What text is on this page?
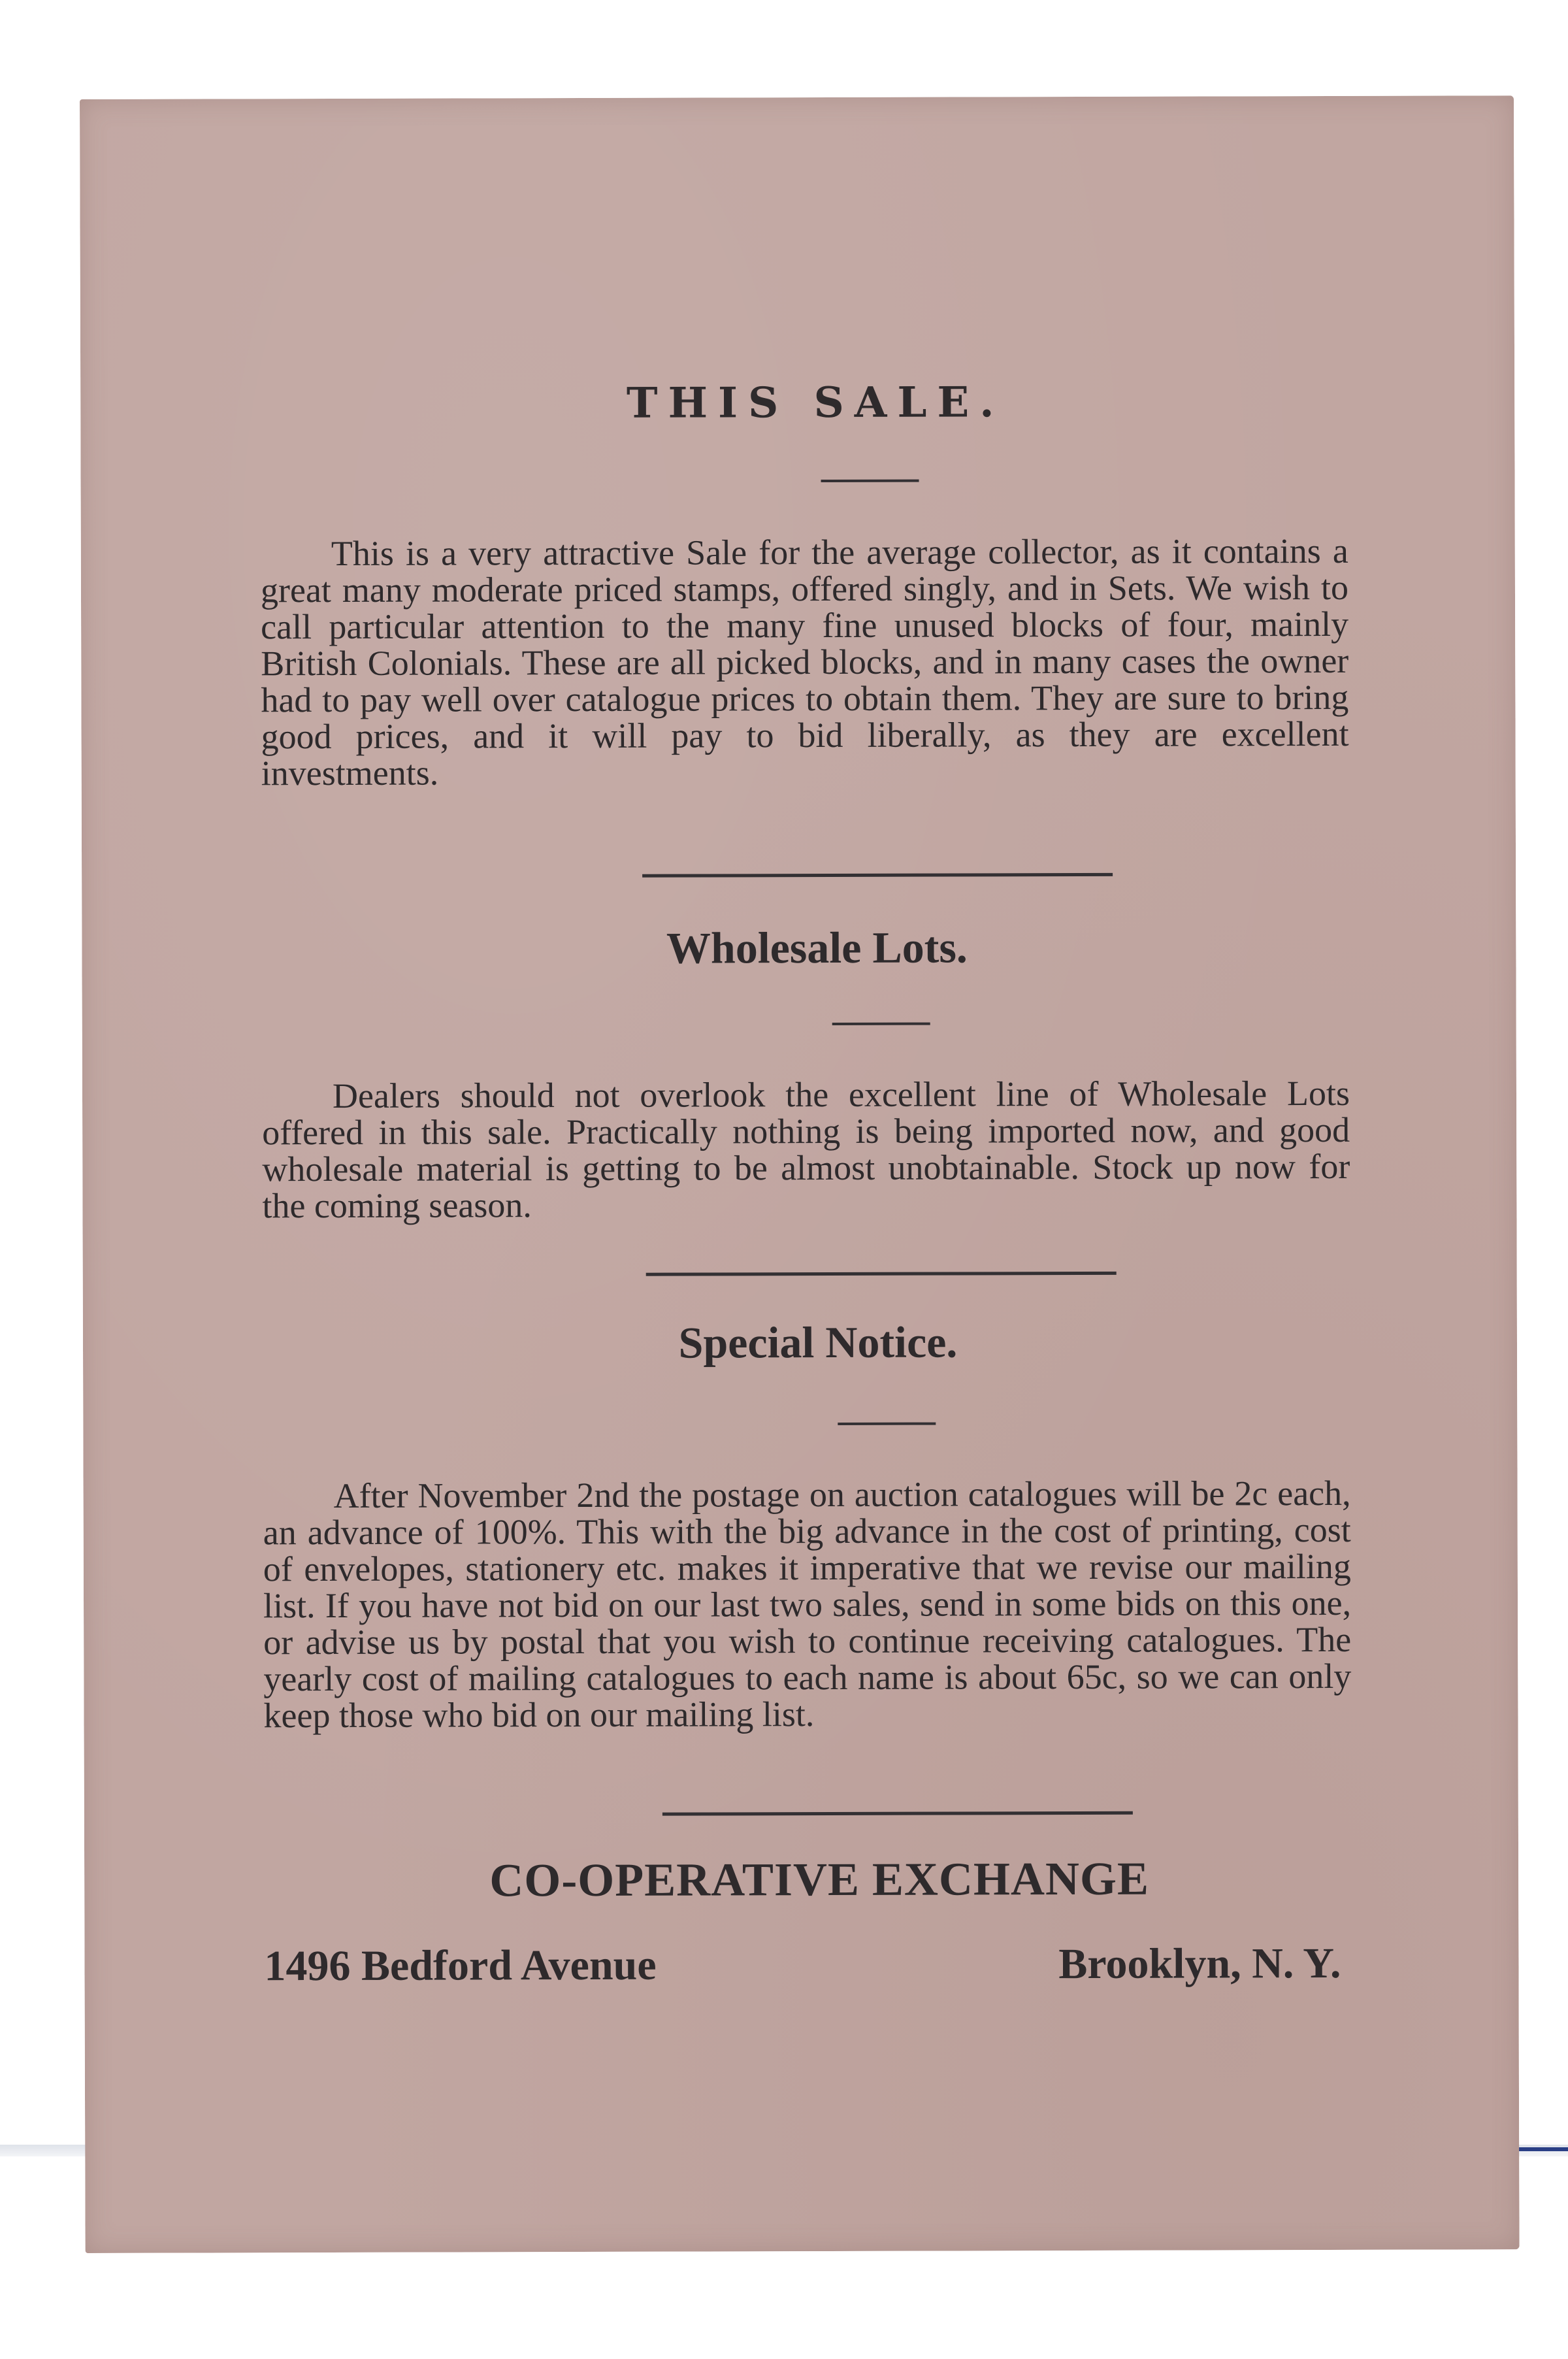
THIS SALE.

This is a very attractive Sale for the average collector, as it contains a great many moderate priced stamps, offered singly, and in Sets. We wish to call particular attention to the many fine unused blocks of four, mainly British Colonials. These are all picked blocks, and in many cases the owner had to pay well over catalogue prices to obtain them. They are sure to bring good prices, and it will pay to bid liberally, as they are excellent investments.

Wholesale Lots.

Dealers should not overlook the excellent line of Wholesale Lots offered in this sale. Practically nothing is being imported now, and good wholesale material is getting to be almost unobtainable. Stock up now for the coming season.

Special Notice.

After November 2nd the postage on auction catalogues will be 2c each, an advance of 100%. This with the big advance in the cost of printing, cost of envelopes, stationery etc. makes it imperative that we revise our mailing list. If you have not bid on our last two sales, send in some bids on this one, or advise us by postal that you wish to continue receiving catalogues. The yearly cost of mailing catalogues to each name is about 65c, so we can only keep those who bid on our mailing list.

CO-OPERATIVE EXCHANGE
1496 Bedford Avenue	Brooklyn, N. Y.
